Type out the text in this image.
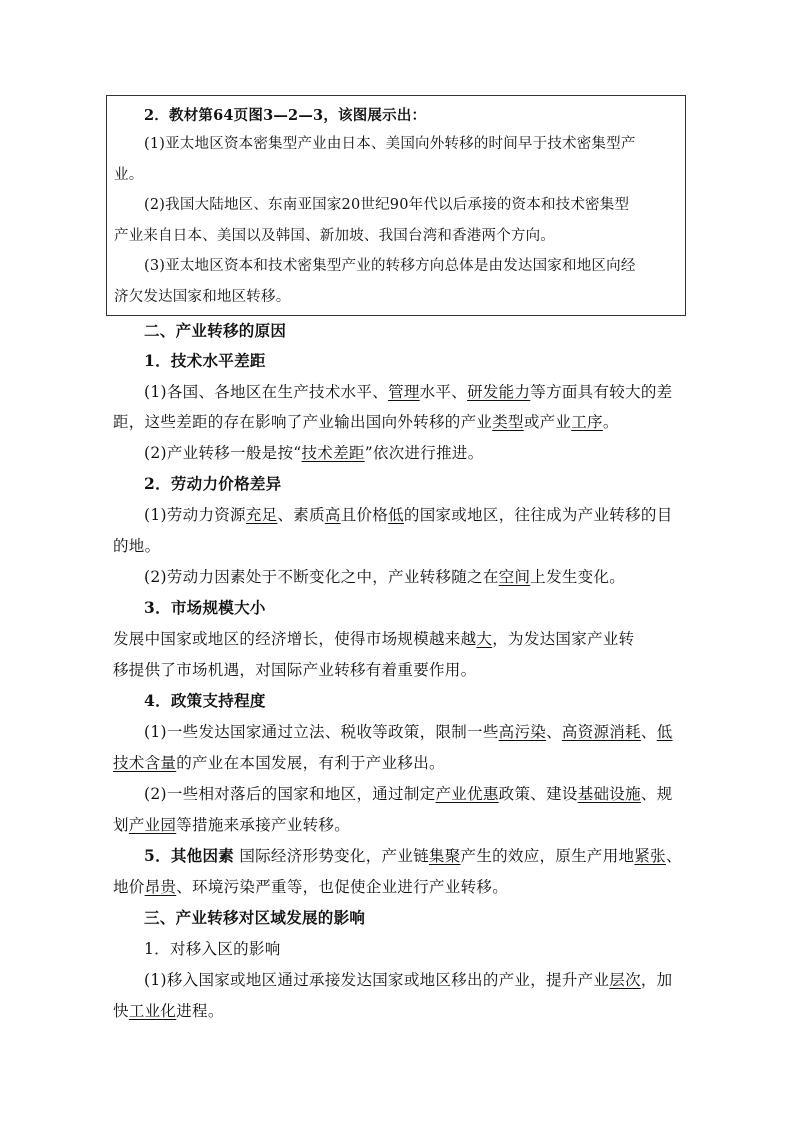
2．教材第64页图3—2—3，该图展示出：
(1)亚太地区资本密集型产业由日本、美国向外转移的时间早于技术密集型产
业。
(2)我国大陆地区、东南亚国家20世纪90年代以后承接的资本和技术密集型
产业来自日本、美国以及韩国、新加坡、我国台湾和香港两个方向。
(3)亚太地区资本和技术密集型产业的转移方向总体是由发达国家和地区向经
济欠发达国家和地区转移。
二、产业转移的原因
1．技术水平差距
(1)各国、各地区在生产技术水平、管理水平、研发能力等方面具有较大的差
距，这些差距的存在影响了产业输出国向外转移的产业类型或产业工序。
(2)产业转移一般是按“技术差距”依次进行推进。
2．劳动力价格差异
(1)劳动力资源充足、素质高且价格低的国家或地区，往往成为产业转移的目
的地。
(2)劳动力因素处于不断变化之中，产业转移随之在空间上发生变化。
3．市场规模大小
发展中国家或地区的经济增长，使得市场规模越来越大，为发达国家产业转
移提供了市场机遇，对国际产业转移有着重要作用。
4．政策支持程度
(1)一些发达国家通过立法、税收等政策，限制一些高污染、高资源消耗、低
技术含量的产业在本国发展，有利于产业移出。
(2)一些相对落后的国家和地区，通过制定产业优惠政策、建设基础设施、规
划产业园等措施来承接产业转移。
5．其他因素 国际经济形势变化，产业链集聚产生的效应，原生产用地紧张、
地价昂贵、环境污染严重等，也促使企业进行产业转移。
三、产业转移对区域发展的影响
1．对移入区的影响
(1)移入国家或地区通过承接发达国家或地区移出的产业，提升产业层次，加
快工业化进程。
